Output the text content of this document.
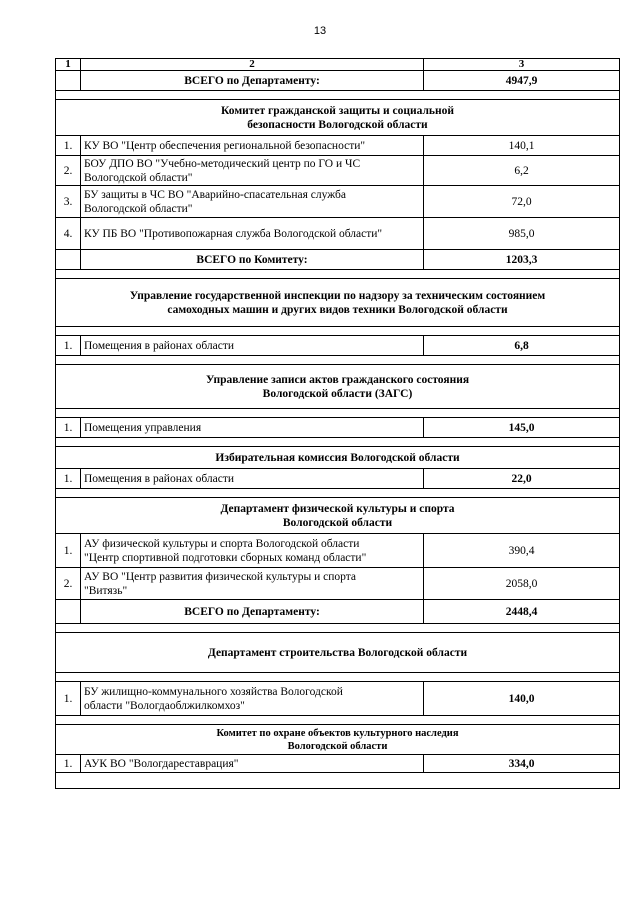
13
1	2	3
	ВСЕГО по Департаменту:	4947,9

Комитет гражданской защиты и социальной
безопасности Вологодской области		
1.	КУ ВО "Центр обеспечения региональной безопасности"	140,1
2.	БОУ ДПО ВО "Учебно-методический центр по ГО и ЧС
Вологодской области"	6,2
3.	БУ защиты в ЧС ВО "Аварийно-спасательная служба
Вологодской области"	72,0
4.	КУ ПБ ВО "Противопожарная служба Вологодской области"	985,0
	ВСЕГО по Комитету:	1203,3

Управление государственной инспекции по надзору за техническим состоянием
самоходных машин и других видов техники Вологодской области		

1.	Помещения в районах области	6,8

Управление записи актов гражданского состояния
Вологодской области (ЗАГС)		

1.	Помещения управления	145,0

Избирательная комиссия Вологодской области		
1.	Помещения в районах области	22,0

Департамент физической культуры и спорта
Вологодской области		
1.	АУ физической культуры и спорта Вологодской области
"Центр спортивной подготовки сборных команд области"	390,4
2.	АУ ВО "Центр развития физической культуры и спорта
"Витязь"	2058,0
	ВСЕГО по Департаменту:	2448,4

Департамент строительства Вологодской области		

1.	БУ жилищно-коммунального хозяйства Вологодской
области "Вологдаоблжилкомхоз"	140,0

Комитет по охране объектов культурного наследия
Вологодской области		
1.	АУК ВО "Вологдареставрация"	334,0
